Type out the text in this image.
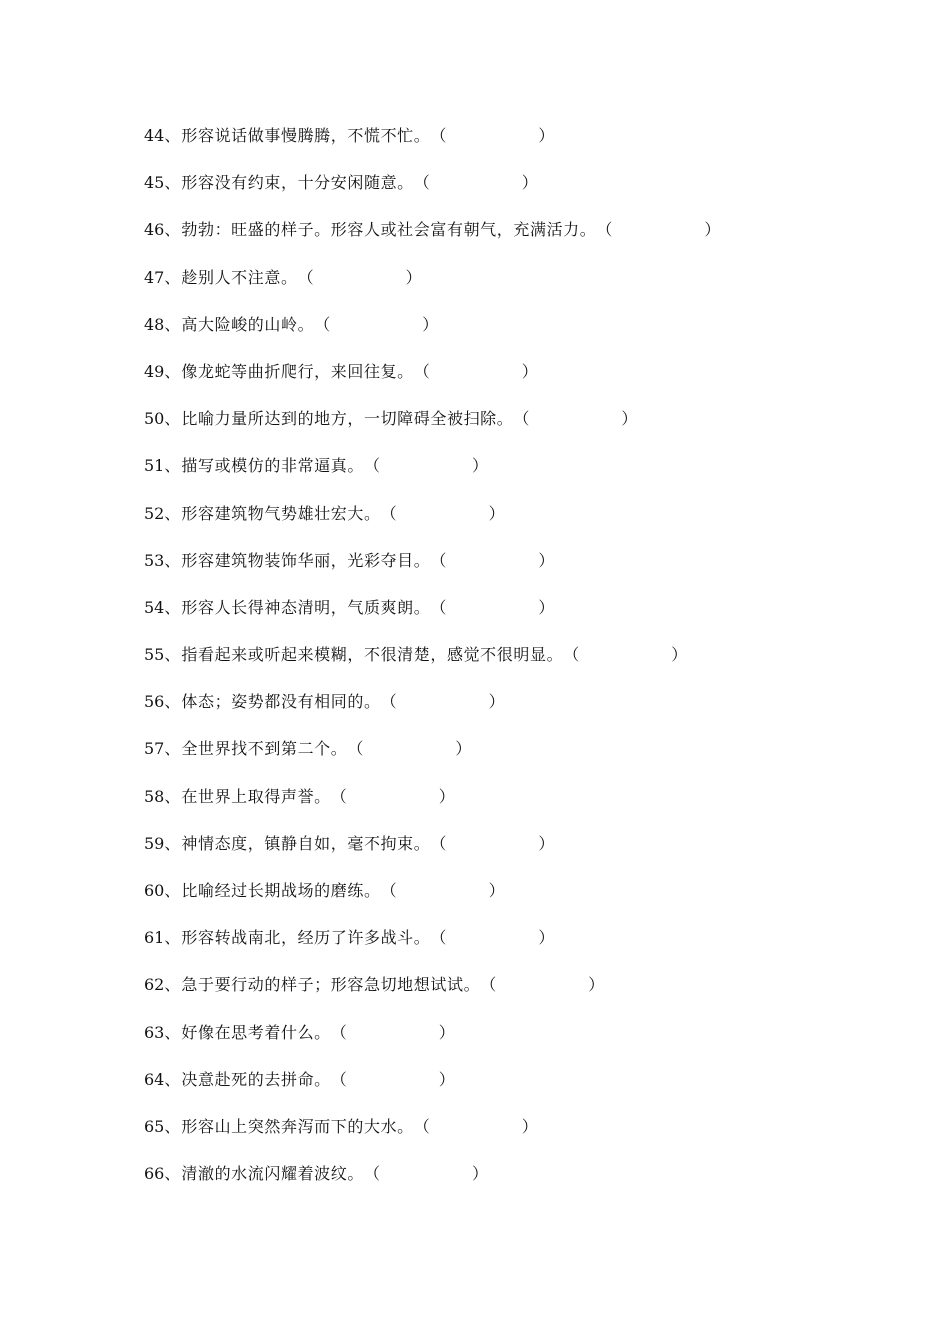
44 、 形容说话做事慢腾腾，不慌不忙。 （	）
45 、 形容没有约束，十分安闲随意。 （	）
46 、 勃勃：旺盛的样子。形容人或社会富有朝气，充满活力。 （	）
47 、 趁别人不注意。 （	）
48 、 高大险峻的山岭。 （	）
49 、 像龙蛇等曲折爬行，来回往复。 （	）
50 、 比喻力量所达到的地方，一切障碍全被扫除。 （	）
51 、 描写或模仿的非常逼真。 （	）
52 、 形容建筑物气势雄壮宏大。 （	）
53 、 形容建筑物装饰华丽，光彩夺目。 （	）
54 、 形容人长得神态清明，气质爽朗。 （	）
55 、 指看起来或听起来模糊，不很清楚，感觉不很明显。 （	）
56 、 体态；姿势都没有相同的。 （	）
57 、 全世界找不到第二个。 （	）
58 、 在世界上取得声誉。 （	）
59 、 神情态度，镇静自如，毫不拘束。 （	）
60 、 比喻经过长期战场的磨练。 （	）
61 、 形容转战南北，经历了许多战斗。 （	）
62 、 急于要行动的样子；形容急切地想试试。 （	）
63 、 好像在思考着什么。 （	）
64 、 决意赴死的去拼命。 （	）
65 、 形容山上突然奔泻而下的大水。 （	）
66 、 清澈的水流闪耀着波纹。 （	）
